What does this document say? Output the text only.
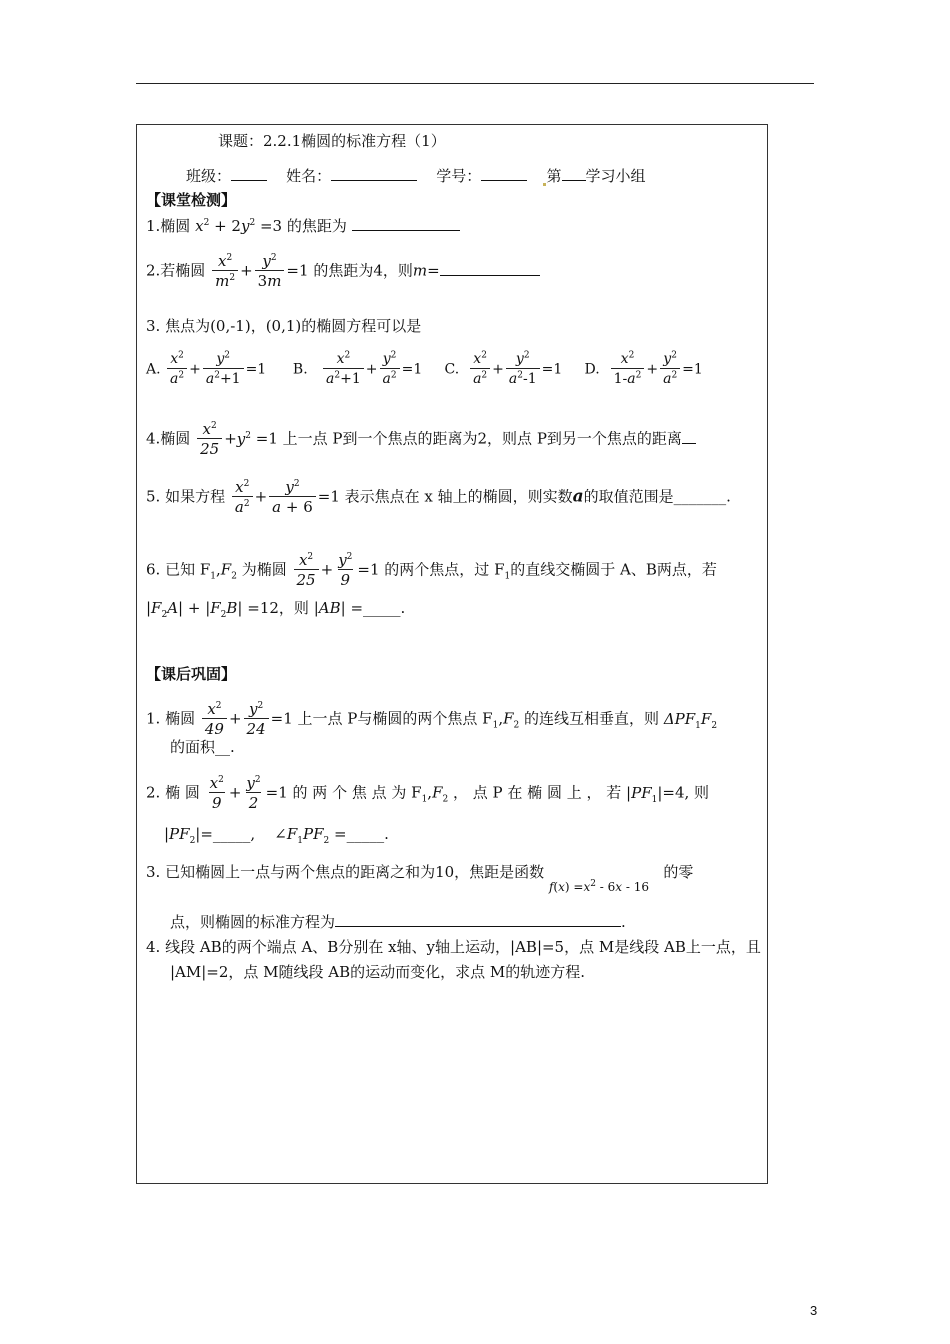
课题：2.2.1椭圆的标准方程（1）
班级：	姓名：	学号：	第 学习小组
【课堂检测】
1.椭圆 $x^2 + 2y^2 =3$ 的焦距为
2.若椭圆 $\frac{x^2}{m^2} + \frac{y^2}{3m} =1$ 的焦距为4，则m=
3. 焦点为(0,-1)，(0,1)的椭圆方程可以是
A. $\frac{x^2}{a^2} + \frac{y^2}{a^2+1} =1$      B. $\frac{x^2}{a^2+1} + \frac{y^2}{a^2} =1$     C. $\frac{x^2}{a^2} + \frac{y^2}{a^2-1} =1$     D. $\frac{x^2}{1-a^2} + \frac{y^2}{a^2} =1$
4.椭圆 $\frac{x^2}{25} +y^2 =1$ 上一点 P到一个焦点的距离为2，则点 P到另一个焦点的距离
5. 如果方程 $\frac{x^2}{a^2} + \frac{y^2}{a + 6} =1$ 表示焦点在 x 轴上的椭圆，则实数a的取值范围是_______.
6. 已知 $F_1,F_2$ 为椭圆 $\frac{x^2}{25} + \frac{y^2}{9} =1$ 的两个焦点，过 $F_1$的直线交椭圆于 A、B两点，若
$|F_2A| + |F_2B| =12$，则 |AB| =_____.
【课后巩固】
1. 椭圆 $\frac{x^2}{49} + \frac{y^2}{24} =1$ 上一点 P与椭圆的两个焦点 $F_1,F_2$ 的连线互相垂直，则 $\Delta PF_1F_2$
的面积__.
2. 椭 圆 $\frac{x^2}{9} + \frac{y^2}{2} =1$ 的 两 个 焦 点 为 $F_1,F_2$ ， 点 P 在 椭 圆 上 ， 若 $|PF_1|=4$, 则
$|PF_2|=\_\_\_\_\_$, $\angle F_1PF_2$ =_____.
3. 已知椭圆上一点与两个焦点的距离之和为10，焦距是函数 $_{f(x) =x^2 - 6x - 16}$   的零
点，则椭圆的标准方程为	.
4. 线段 AB的两个端点 A、B分别在 x轴、y轴上运动，|AB|=5，点 M是线段 AB上一点，且
|AM|=2，点 M随线段 AB的运动而变化，求点 M的轨迹方程.
3
